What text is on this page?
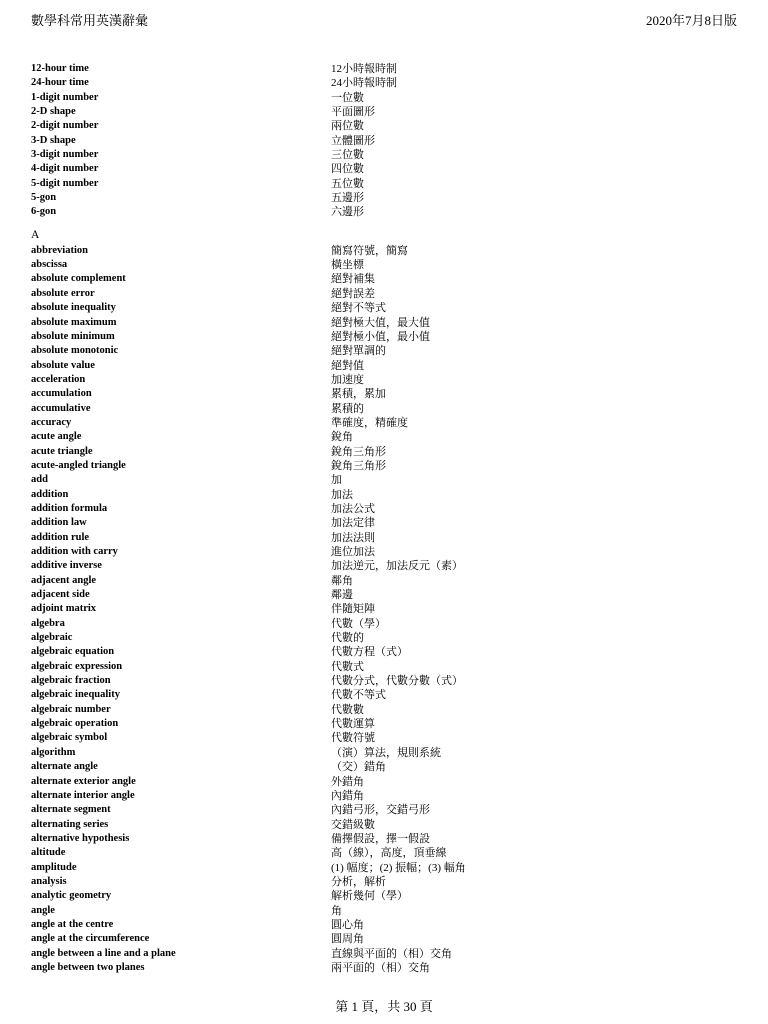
數學科常用英漢辭彙	2020年7月8日版
12-hour time	12小時報時制
24-hour time	24小時報時制
1-digit number	一位數
2-D shape	平面圖形
2-digit number	兩位數
3-D shape	立體圖形
3-digit number	三位數
4-digit number	四位數
5-digit number	五位數
5-gon	五邊形
6-gon	六邊形
A
abbreviation	簡寫符號，簡寫
abscissa	橫坐標
absolute complement	絕對補集
absolute error	絕對誤差
absolute inequality	絕對不等式
absolute maximum	絕對極大值，最大值
absolute minimum	絕對極小值，最小值
absolute monotonic	絕對單調的
absolute value	絕對值
acceleration	加速度
accumulation	累積，累加
accumulative	累積的
accuracy	準確度，精確度
acute angle	銳角
acute triangle	銳角三角形
acute-angled triangle	銳角三角形
add	加
addition	加法
addition formula	加法公式
addition law	加法定律
addition rule	加法法則
addition with carry	進位加法
additive inverse	加法逆元，加法反元（素）
adjacent angle	鄰角
adjacent side	鄰邊
adjoint matrix	伴隨矩陣
algebra	代數（學）
algebraic	代數的
algebraic equation	代數方程（式）
algebraic expression	代數式
algebraic fraction	代數分式，代數分數（式）
algebraic inequality	代數不等式
algebraic number	代數數
algebraic operation	代數運算
algebraic symbol	代數符號
algorithm	（演）算法，規則系統
alternate angle	（交）錯角
alternate exterior angle	外錯角
alternate interior angle	內錯角
alternate segment	內錯弓形，交錯弓形
alternating series	交錯級數
alternative hypothesis	備擇假設，擇一假設
altitude	高（線），高度，頂垂線
amplitude	(1) 幅度；(2) 振幅；(3) 輻角
analysis	分析，解析
analytic geometry	解析幾何（學）
angle	角
angle at the centre	圓心角
angle at the circumference	圓周角
angle between a line and a plane	直線與平面的（相）交角
angle between two planes	兩平面的（相）交角
第 1 頁，共 30 頁
